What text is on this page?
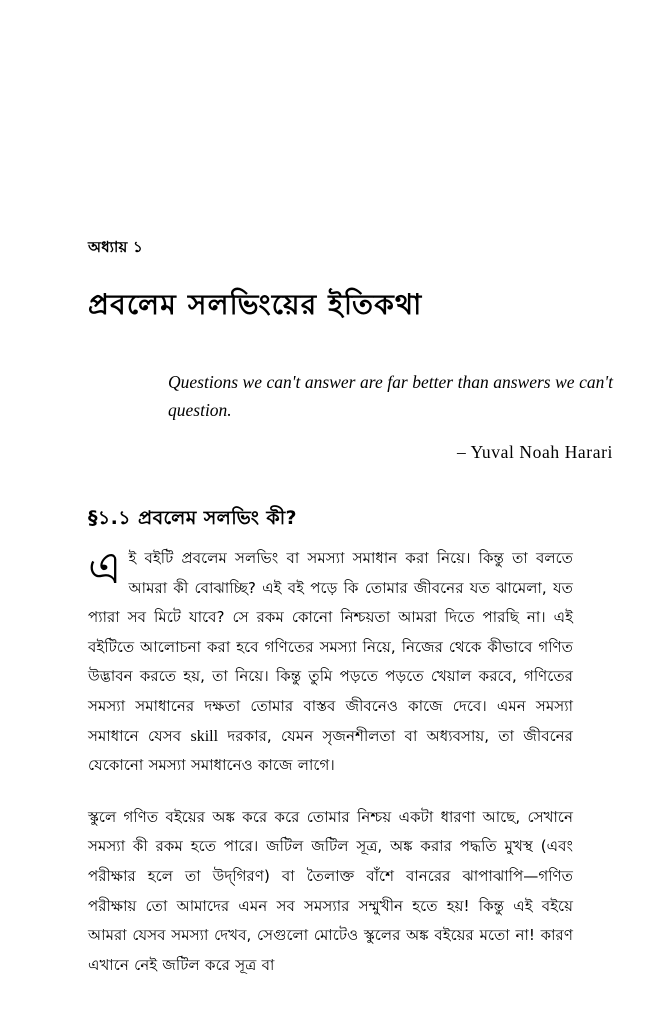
অধ্যায় ১
প্রবলেম সলভিংয়ের ইতিকথা

Questions we can't answer are far better than answers we can't question.

– Yuval Noah Harari

§১.১ প্রবলেম সলভিং কী?

এই বইটি প্রবলেম সলভিং বা সমস্যা সমাধান করা নিয়ে। কিন্তু তা বলতে আমরা কী বোঝাচ্ছি? এই বই পড়ে কি তোমার জীবনের যত ঝামেলা, যত প্যারা সব মিটে যাবে? সে রকম কোনো নিশ্চয়তা আমরা দিতে পারছি না। এই বইটিতে আলোচনা করা হবে গণিতের সমস্যা নিয়ে, নিজের থেকে কীভাবে গণিত উদ্ভাবন করতে হয়, তা নিয়ে। কিন্তু তুমি পড়তে পড়তে খেয়াল করবে, গণিতের সমস্যা সমাধানের দক্ষতা তোমার বাস্তব জীবনেও কাজে দেবে। এমন সমস্যা সমাধানে যেসব skill দরকার, যেমন সৃজনশীলতা বা অধ্যবসায়, তা জীবনের যেকোনো সমস্যা সমাধানেও কাজে লাগে।

স্কুলে গণিত বইয়ের অঙ্ক করে করে তোমার নিশ্চয় একটা ধারণা আছে, সেখানে সমস্যা কী রকম হতে পারে। জটিল জটিল সূত্র, অঙ্ক করার পদ্ধতি মুখস্থ (এবং পরীক্ষার হলে তা উদ্‌গিরণ) বা তৈলাক্ত বাঁশে বানরের ঝাপাঝাপি—গণিত পরীক্ষায় তো আমাদের এমন সব সমস্যার সম্মুখীন হতে হয়! কিন্তু এই বইয়ে আমরা যেসব সমস্যা দেখব, সেগুলো মোটেও স্কুলের অঙ্ক বইয়ের মতো না! কারণ এখানে নেই জটিল করে সূত্র বা
